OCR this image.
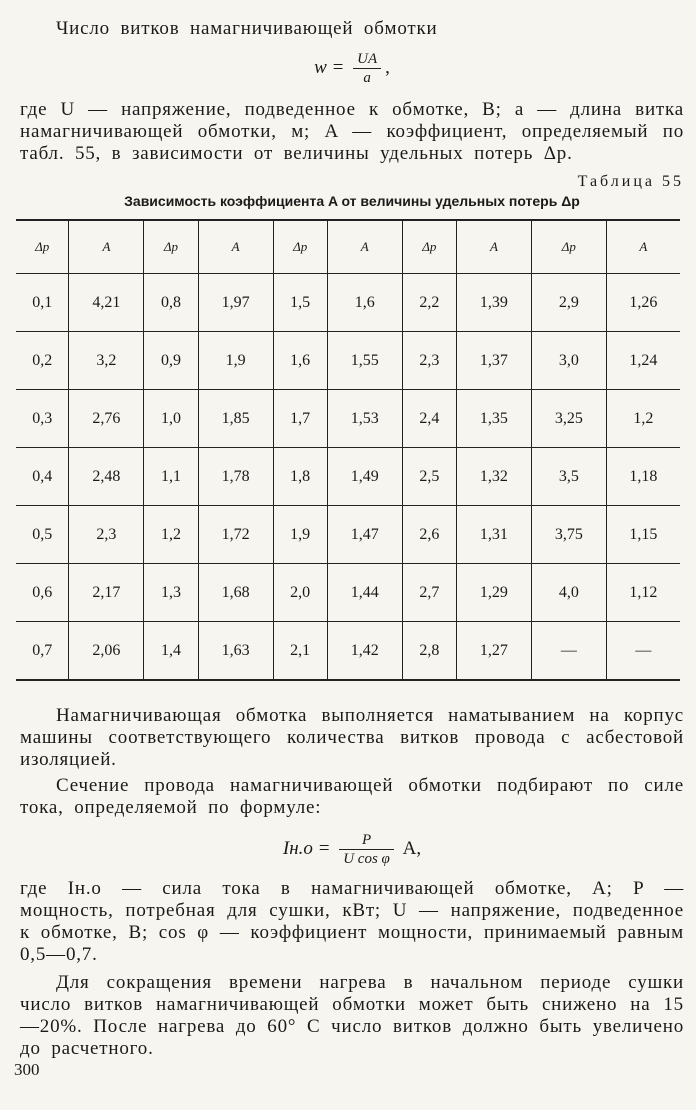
Число витков намагничивающей обмотки
$w = \frac{UA}{a}$ ,
где U — напряжение, подведенное к обмотке, В; a — длина витка намагничивающей обмотки, м; A — коэффициент, определяемый по табл. 55, в зависимости от величины удельных потерь Δp.
Таблица 55
Зависимость коэффициента A от величины удельных потерь Δp
Δp	A	Δp	A	Δp	A	Δp	A	Δp	A
0,1	4,21	0,8	1,97	1,5	1,6	2,2	1,39	2,9	1,26
0,2	3,2	0,9	1,9	1,6	1,55	2,3	1,37	3,0	1,24
0,3	2,76	1,0	1,85	1,7	1,53	2,4	1,35	3,25	1,2
0,4	2,48	1,1	1,78	1,8	1,49	2,5	1,32	3,5	1,18
0,5	2,3	1,2	1,72	1,9	1,47	2,6	1,31	3,75	1,15
0,6	2,17	1,3	1,68	2,0	1,44	2,7	1,29	4,0	1,12
0,7	2,06	1,4	1,63	2,1	1,42	2,8	1,27	—	—
Намагничивающая обмотка выполняется наматыванием на корпус машины соответствующего количества витков провода с асбестовой изоляцией.
Сечение провода намагничивающей обмотки подбирают по силе тока, определяемой по формуле:
$Iн.о = \frac{P}{\text{U cos φ}} A$,
где Iн.о — сила тока в намагничивающей обмотке, A; P — мощность, потребная для сушки, кВт; U — напряжение, подведенное к обмотке, В; cos φ — коэффициент мощности, принимаемый равным 0,5—0,7.
Для сокращения времени нагрева в начальном периоде сушки число витков намагничивающей обмотки может быть снижено на 15—20%. После нагрева до 60° С число витков должно быть увеличено до расчетного.
300
